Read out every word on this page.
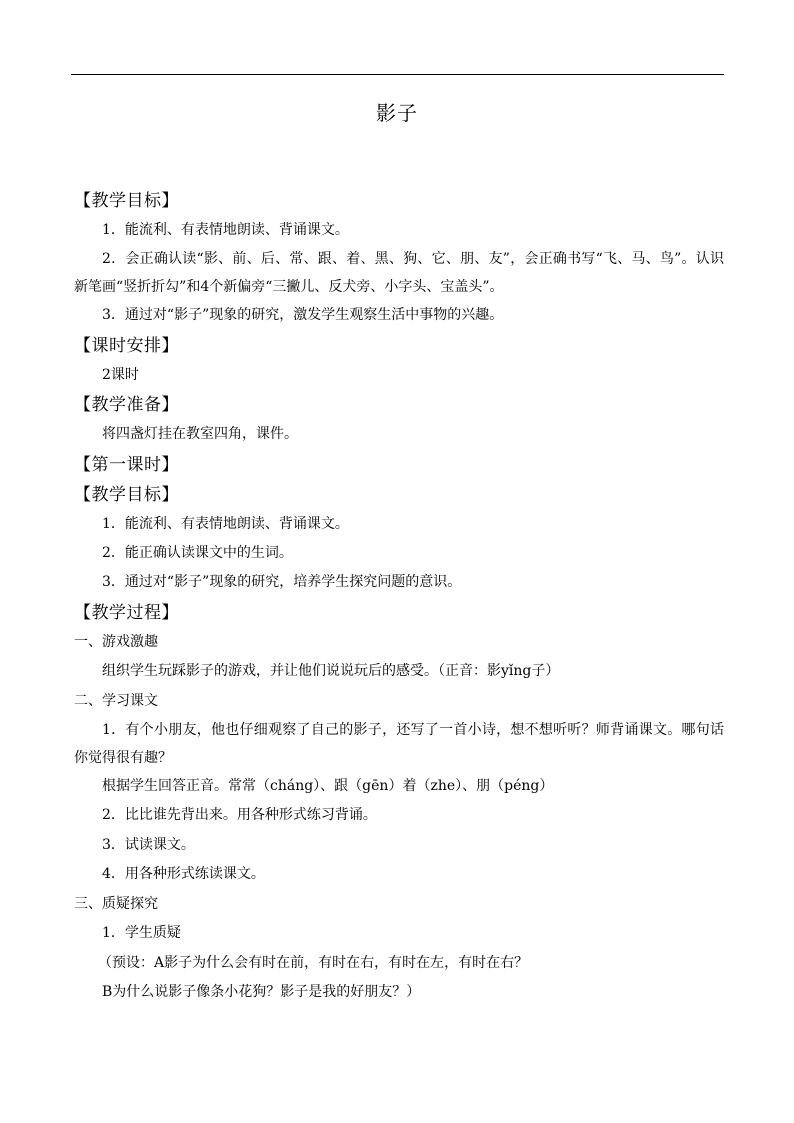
影子
【教学目标】

1．能流利、有表情地朗读、背诵课文。

2．会正确认读“影、前、后、常、跟、着、黑、狗、它、朋、友”，会正确书写“飞、马、鸟”。认识新笔画“竖折折勾”和4个新偏旁“三撇儿、反犬旁、小字头、宝盖头”。

3．通过对“影子”现象的研究，激发学生观察生活中事物的兴趣。

【课时安排】

2课时

【教学准备】

将四盏灯挂在教室四角，课件。

【第一课时】
【教学目标】

1．能流利、有表情地朗读、背诵课文。

2．能正确认读课文中的生词。

3．通过对“影子”现象的研究，培养学生探究问题的意识。

【教学过程】

一、游戏激趣

组织学生玩踩影子的游戏，并让他们说说玩后的感受。（正音：影yǐng子）

二、学习课文

1．有个小朋友，他也仔细观察了自己的影子，还写了一首小诗，想不想听听？师背诵课文。哪句话你觉得很有趣？

根据学生回答正音。常常（cháng）、跟（gēn）着（zhe）、朋（péng）

2．比比谁先背出来。用各种形式练习背诵。

3．试读课文。

4．用各种形式练读课文。

三、质疑探究

1．学生质疑

（预设：A影子为什么会有时在前，有时在右，有时在左，有时在右？

B为什么说影子像条小花狗？影子是我的好朋友？）
